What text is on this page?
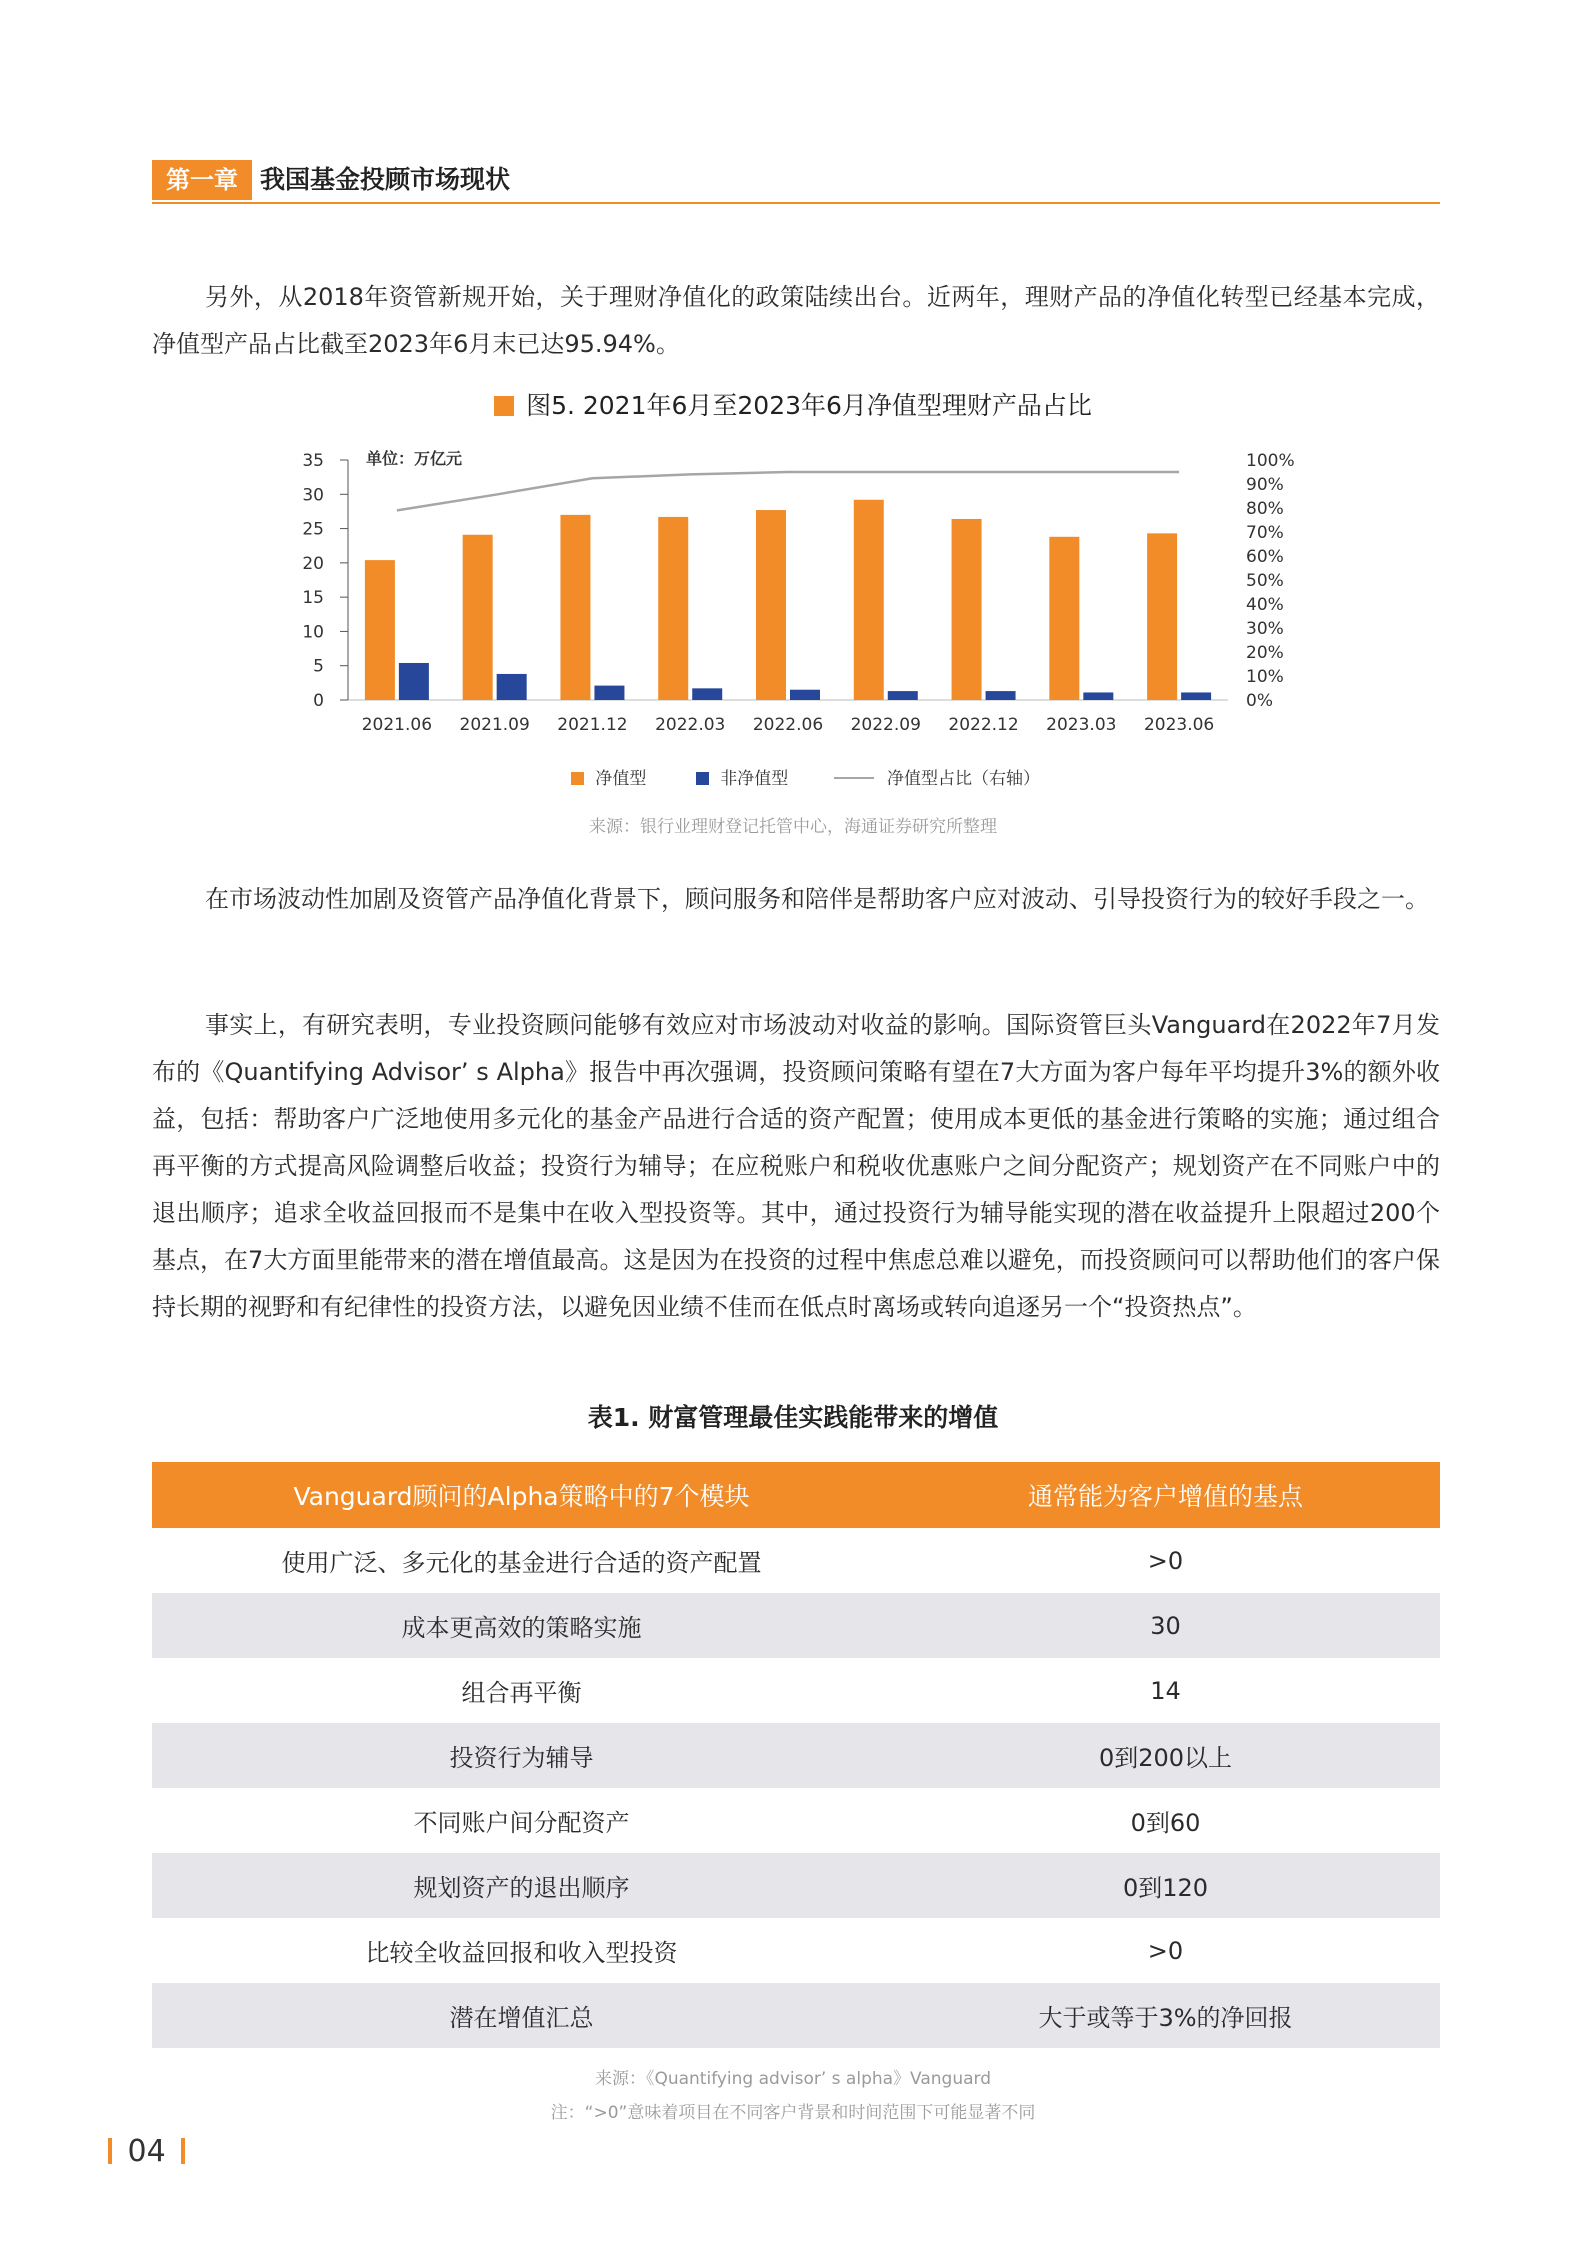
第一章 我国基金投顾市场现状

另外，从2018年资管新规开始，关于理财净值化的政策陆续出台。近两年，理财产品的净值化转型已经基本完成，净值型产品占比截至2023年6月末已达95.94%。

图5. 2021年6月至2023年6月净值型理财产品占比
35
30
25
20
15
10
5
0
100%
90%
80%
70%
60%
50%
40%
30%
20%
10%
0%
2021.06 2021.09 2021.12 2022.03 2022.06 2022.09 2022.12 2023.03 2023.06
单位：万亿元
净值型	非净值型	净值型占比（右轴）
来源：银行业理财登记托管中心，海通证券研究所整理

在市场波动性加剧及资管产品净值化背景下，顾问服务和陪伴是帮助客户应对波动、引导投资行为的较好手段之一。

事实上，有研究表明，专业投资顾问能够有效应对市场波动对收益的影响。国际资管巨头Vanguard在2022年7月发布的《Quantifying Advisor’ s Alpha》报告中再次强调，投资顾问策略有望在7大方面为客户每年平均提升3%的额外收益，包括：帮助客户广泛地使用多元化的基金产品进行合适的资产配置；使用成本更低的基金进行策略的实施；通过组合再平衡的方式提高风险调整后收益；投资行为辅导；在应税账户和税收优惠账户之间分配资产；规划资产在不同账户中的退出顺序；追求全收益回报而不是集中在收入型投资等。其中，通过投资行为辅导能实现的潜在收益提升上限超过200个基点，在7大方面里能带来的潜在增值最高。这是因为在投资的过程中焦虑总难以避免，而投资顾问可以帮助他们的客户保持长期的视野和有纪律性的投资方法，以避免因业绩不佳而在低点时离场或转向追逐另一个“投资热点”。

表1. 财富管理最佳实践能带来的增值
Vanguard顾问的Alpha策略中的7个模块	通常能为客户增值的基点
使用广泛、多元化的基金进行合适的资产配置	>0
成本更高效的策略实施	30
组合再平衡	14
投资行为辅导	0到200以上
不同账户间分配资产	0到60
规划资产的退出顺序	0到120
比较全收益回报和收入型投资	>0
潜在增值汇总	大于或等于3%的净回报
来源：《Quantifying advisor’ s alpha》Vanguard
注：“>0”意味着项目在不同客户背景和时间范围下可能显著不同
04
